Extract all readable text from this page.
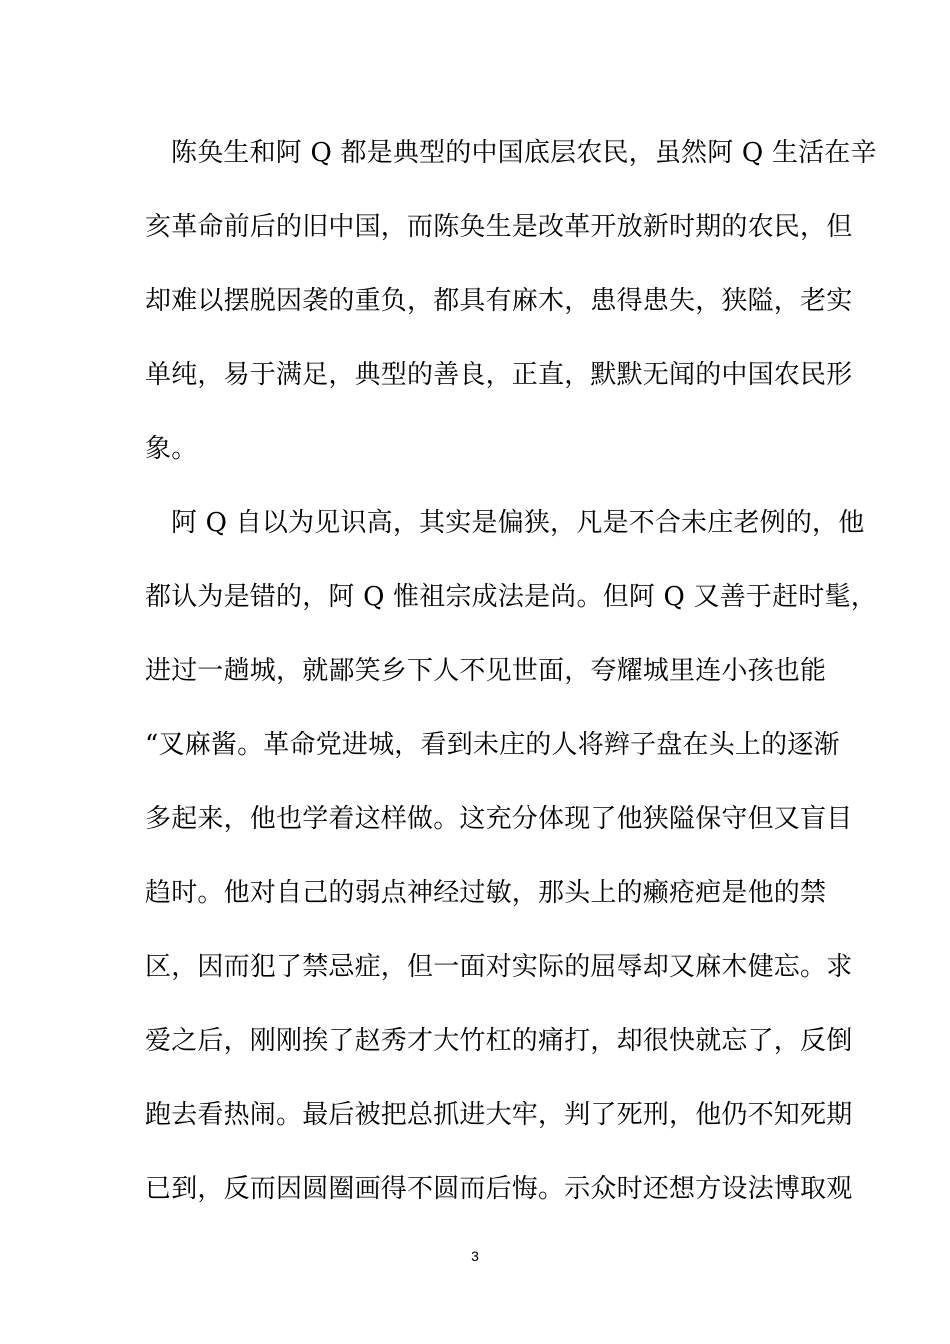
陈奂生和阿 Q 都是典型的中国底层农民，虽然阿 Q 生活在辛
亥革命前后的旧中国，而陈奂生是改革开放新时期的农民，但
却难以摆脱因袭的重负，都具有麻木，患得患失，狭隘，老实
单纯，易于满足，典型的善良，正直，默默无闻的中国农民形
象。
阿 Q 自以为见识高，其实是偏狭，凡是不合未庄老例的，他
都认为是错的，阿 Q 惟祖宗成法是尚。但阿 Q 又善于赶时髦，
进过一趟城，就鄙笑乡下人不见世面，夸耀城里连小孩也能
“叉麻酱。革命党进城，看到未庄的人将辫子盘在头上的逐渐
多起来，他也学着这样做。这充分体现了他狭隘保守但又盲目
趋时。他对自己的弱点神经过敏，那头上的癞疮疤是他的禁
区，因而犯了禁忌症，但一面对实际的屈辱却又麻木健忘。求
爱之后，刚刚挨了赵秀才大竹杠的痛打，却很快就忘了，反倒
跑去看热闹。最后被把总抓进大牢，判了死刑，他仍不知死期
已到，反而因圆圈画得不圆而后悔。示众时还想方设法博取观
3
